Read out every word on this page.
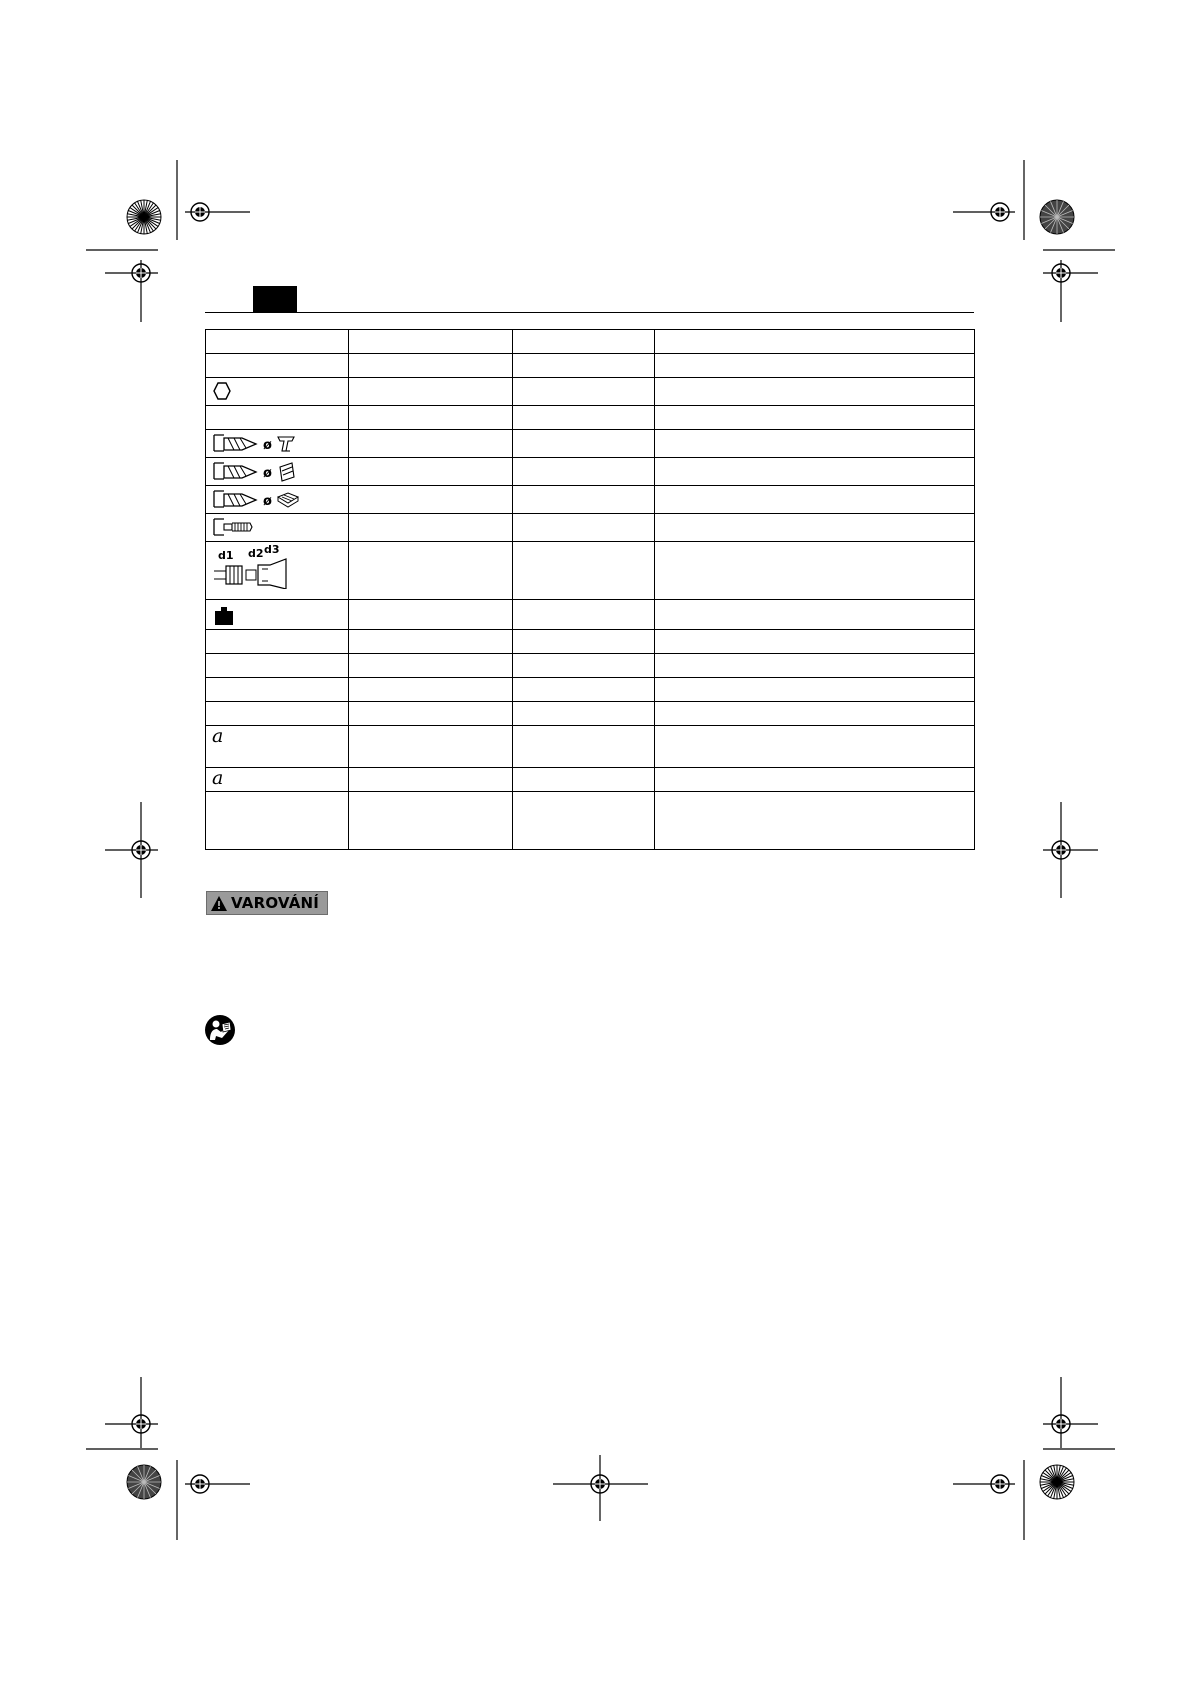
ø			

ø			

ø			

d1 d2 d3			

a			

a			

VAROVÁNÍ
